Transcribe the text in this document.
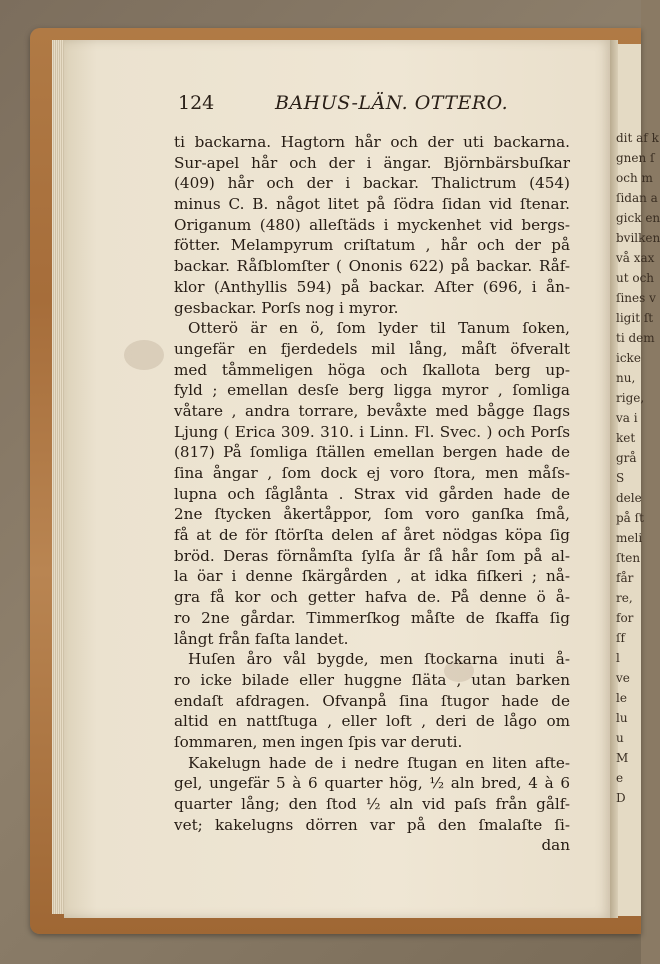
dit af k
gnen ſ
och m
ſidan a
gick en
bvilken
vå xax
ut och
ſines v
ligit ſt
ti dem
icke
nu,
rige,
va i
ket
grå
S
dele
på ſt
meli
ſten
får
re,
for
ſf
l
ve
le
lu
u
M
e
D
124	BAHUS-LÄN. OTTERO.
ti backarna. Hagtorn hår och der uti backarna.
Sur-apel hår och der i ängar. Björnbärsbuſkar
(409) hår och der i backar. Thalictrum (454)
minus C. B. något litet på ſödra ſidan vid ſtenar.
Origanum (480) alleſtäds i myckenhet vid bergs-
fötter. Melampyrum criſtatum , hår och der på
backar. Råſblomſter ( Ononis 622) på backar. Råf-
klor (Anthyllis 594) på backar. Aſter (696, i ån-
gesbackar. Porſs nog i myror.
Otterö är en ö, ſom lyder til Tanum ſoken,
ungefär en fjerdedels mil lång, måſt öfveralt
med tåmmeligen höga och ſkallota berg up-
fyld ; emellan desſe berg ligga myror , ſomliga
våtare , andra torrare, bevåxte med bågge ſlags
Ljung ( Erica 309. 310. i Linn. Fl. Svec. ) och Porſs
(817) På ſomliga ſtällen emellan bergen hade de
ſina ångar , ſom dock ej voro ſtora, men måſs-
lupna och ſåglånta . Strax vid gården hade de
2ne ſtycken åkertåppor, ſom voro ganſka ſmå,
få at de för ſtörſta delen af året nödgas köpa ſig
bröd. Deras förnåmſta ſylſa år ſå hår ſom på al-
la öar i denne ſkärgården , at idka fiſkeri ; nå-
gra få kor och getter hafva de. På denne ö å-
ro 2ne gårdar. Timmerſkog måſte de ſkaffa ſig
långt från faſta landet.
Huſen åro vål bygde, men ſtockarna inuti å-
ro icke bilade eller huggne ſläta , utan barken
endaſt afdragen. Ofvanpå ſina ſtugor hade de
altid en nattſtuga , eller loft , deri de lågo om
ſommaren, men ingen ſpis var deruti.
Kakelugn hade de i nedre ſtugan en liten afte-
gel, ungefär 5 à 6 quarter hög, ½ aln bred, 4 à 6
quarter lång; den ſtod ½ aln vid paſs från gålf-
vet; kakelugns dörren var på den ſmalaſte ſi-
dan
